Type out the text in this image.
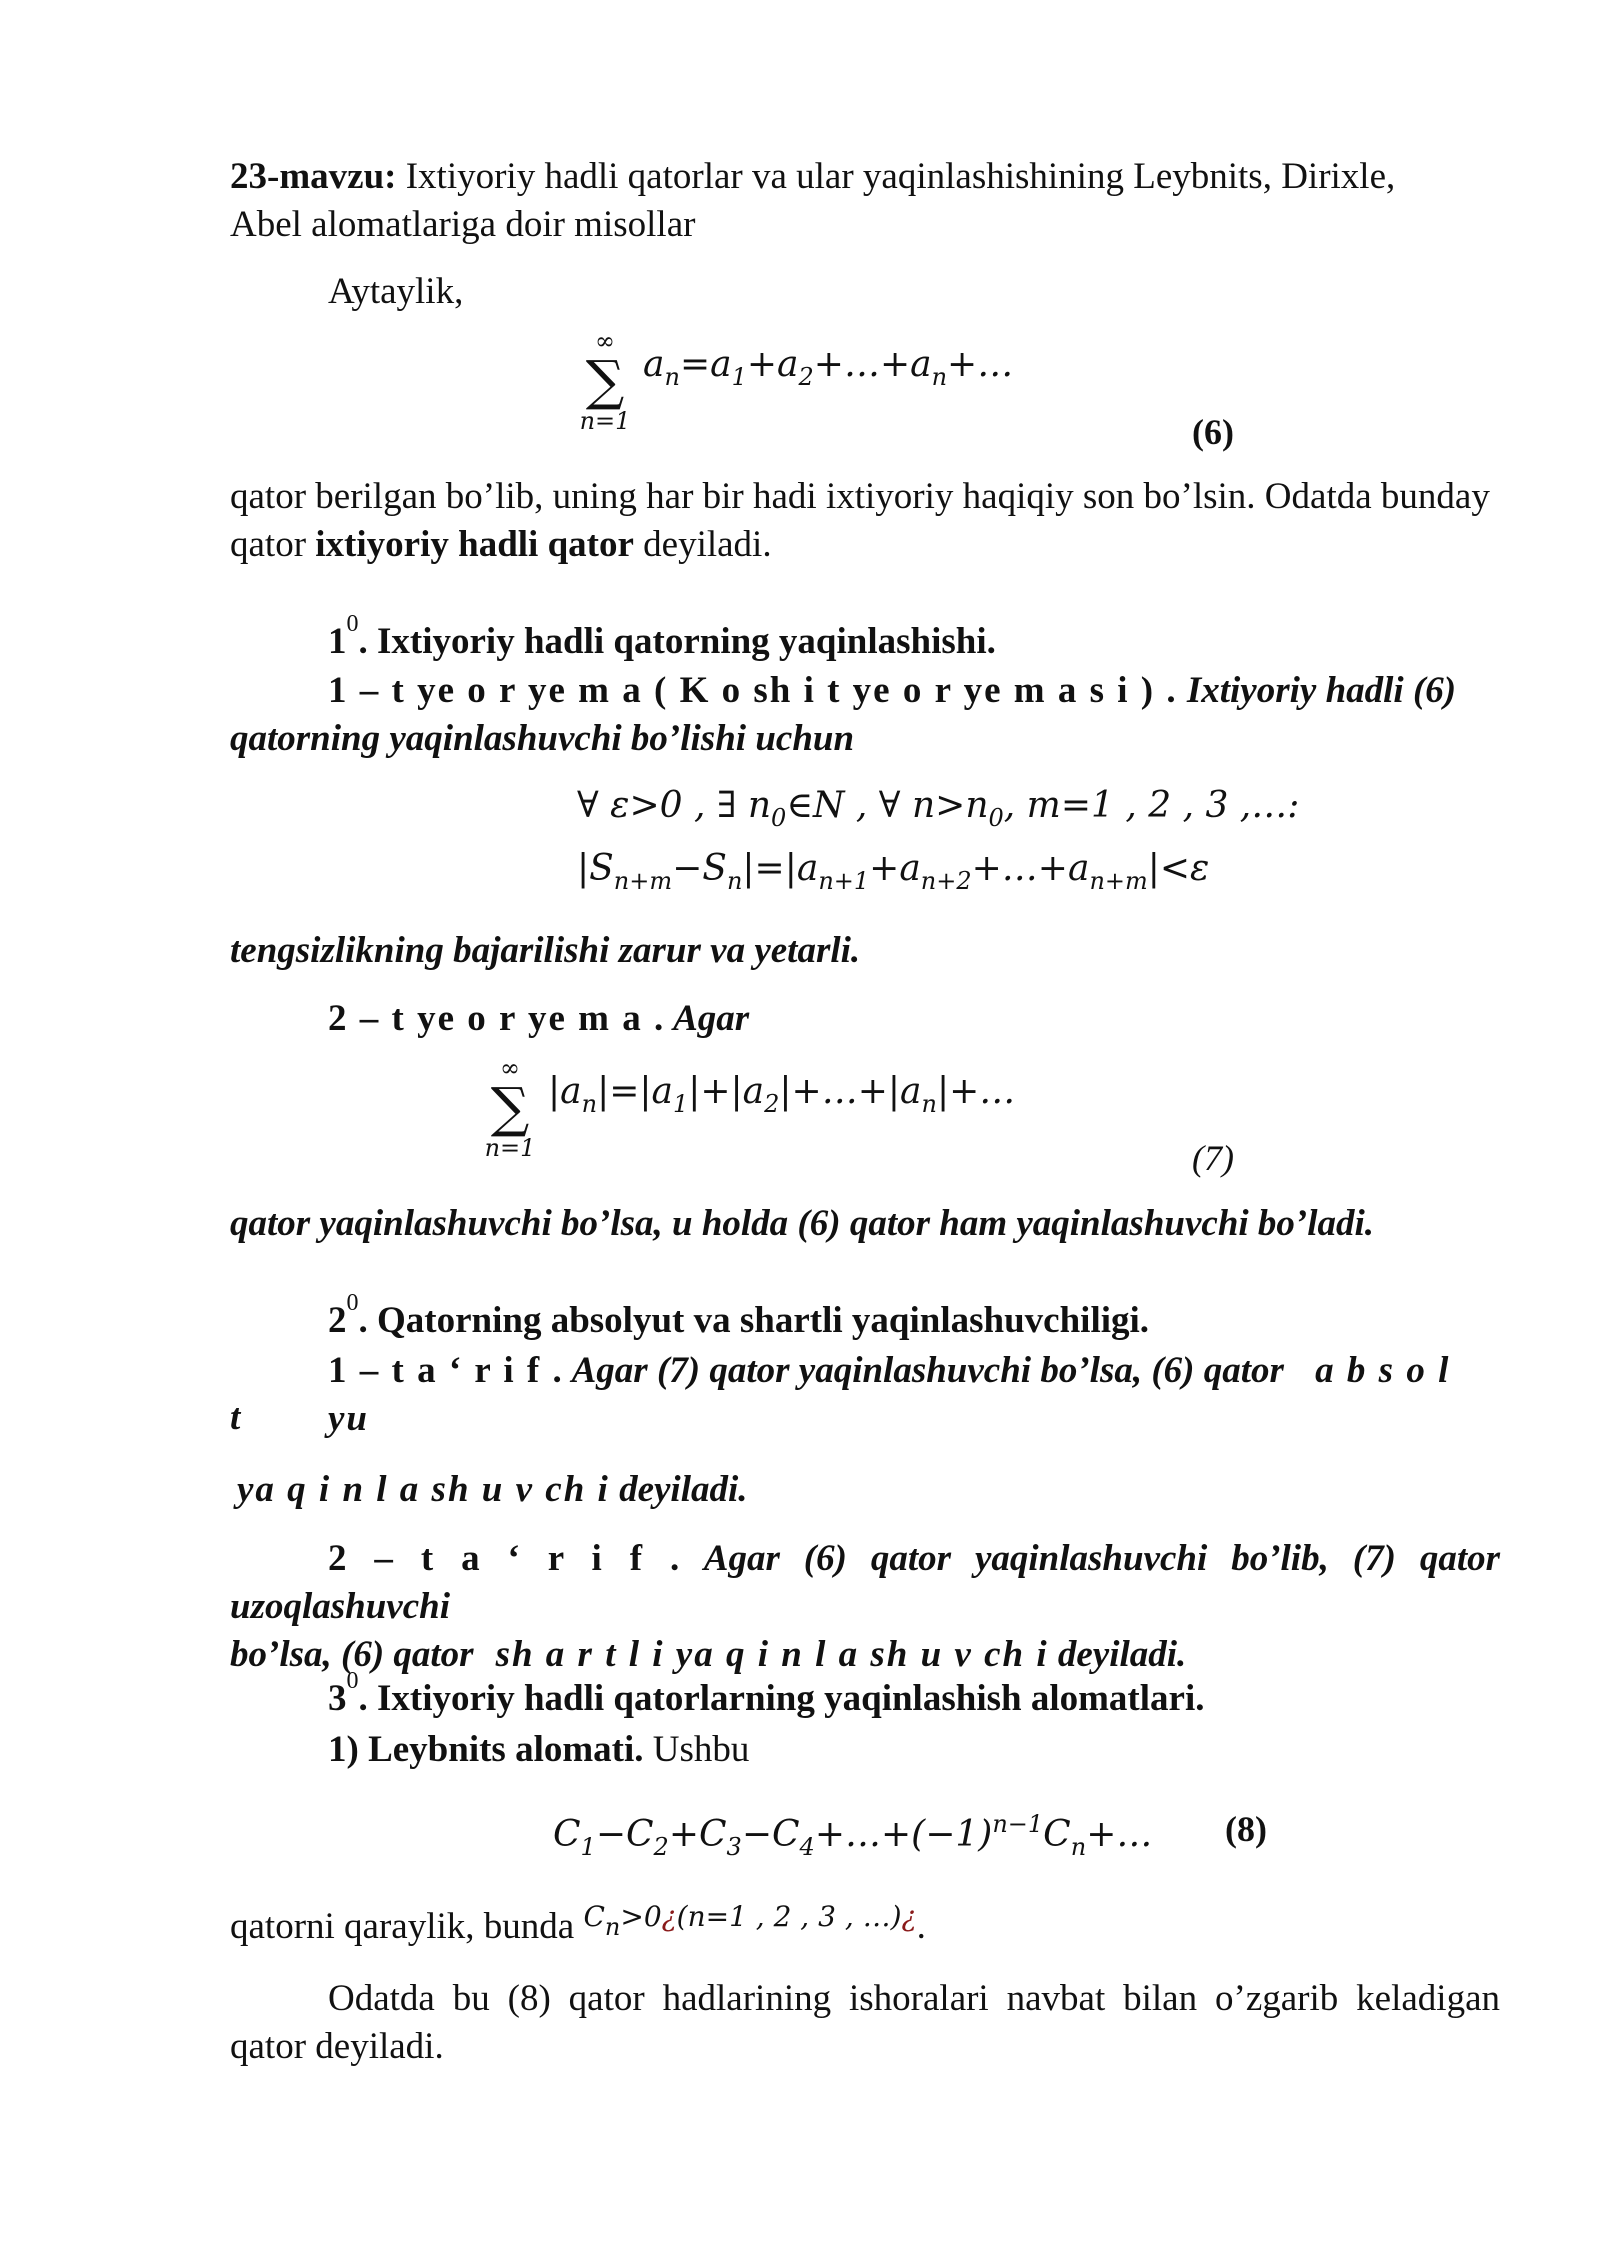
23-mavzu: Ixtiyoriy hadli qatorlar va ular yaqinlashishining Leybnits, Dirixle,
Abel alomatlariga doir misollar
Aytaylik,
∞
∑
n=1
$a_n=a_1+a_2+\dots+a_n+\dots$
(6)
qator berilgan bo’lib, uning har bir hadi ixtiyoriy haqiqiy son bo’lsin. Odatda bunday
qator ixtiyoriy hadli qator deyiladi.
$1^0$. Ixtiyoriy hadli qatorning yaqinlashishi.
1 – t ye o r ye m a ( K o sh i t ye o r ye m a s i ) . Ixtiyoriy hadli (6)
qatorning yaqinlashuvchi bo’lishi uchun
∀ ε>0 , ∃ $n_0\in N$ , ∀ $n>n_0$, m=1 , 2 , 3 ,…:
$|S_{n+m}-S_n|=|a_{n+1}+a_{n+2}+\dots+a_{n+m}|<\varepsilon$
tengsizlikning bajarilishi zarur va yetarli.
2 – t ye o r ye m a . Agar
∞
∑
n=1
$|a_n|=|a_1|+|a_2|+\dots+|a_n|+\dots$
(7)
qator yaqinlashuvchi bo’lsa, u holda (6) qator ham yaqinlashuvchi bo’ladi.
$2^0$. Qatorning absolyut va shartli yaqinlashuvchiligi.
1 – t a ‘ r i f . Agar (7) qator yaqinlashuvchi bo’lsa, (6) qator a b s o l yu
t
ya q i n l a sh u v ch i deyiladi.
2 – t a ‘ r i f . Agar (6) qator yaqinlashuvchi bo’lib, (7) qator uzoqlashuvchi
bo’lsa, (6) qator sh a r t l i ya q i n l a sh u v ch i deyiladi.
$3^0$. Ixtiyoriy hadli qatorlarning yaqinlashish alomatlari.
1) Leybnits alomati. Ushbu
$C_1-C_2+C_3-C_4+\dots+(-1)^{n-1}C_n+\dots$ (8)
qatorni qaraylik, bunda $^{Cn>0¿(n=1 , 2 , 3 , \dots)¿}$.
Odatda bu (8) qator hadlarining ishoralari navbat bilan o’zgarib keladigan qator deyiladi.
